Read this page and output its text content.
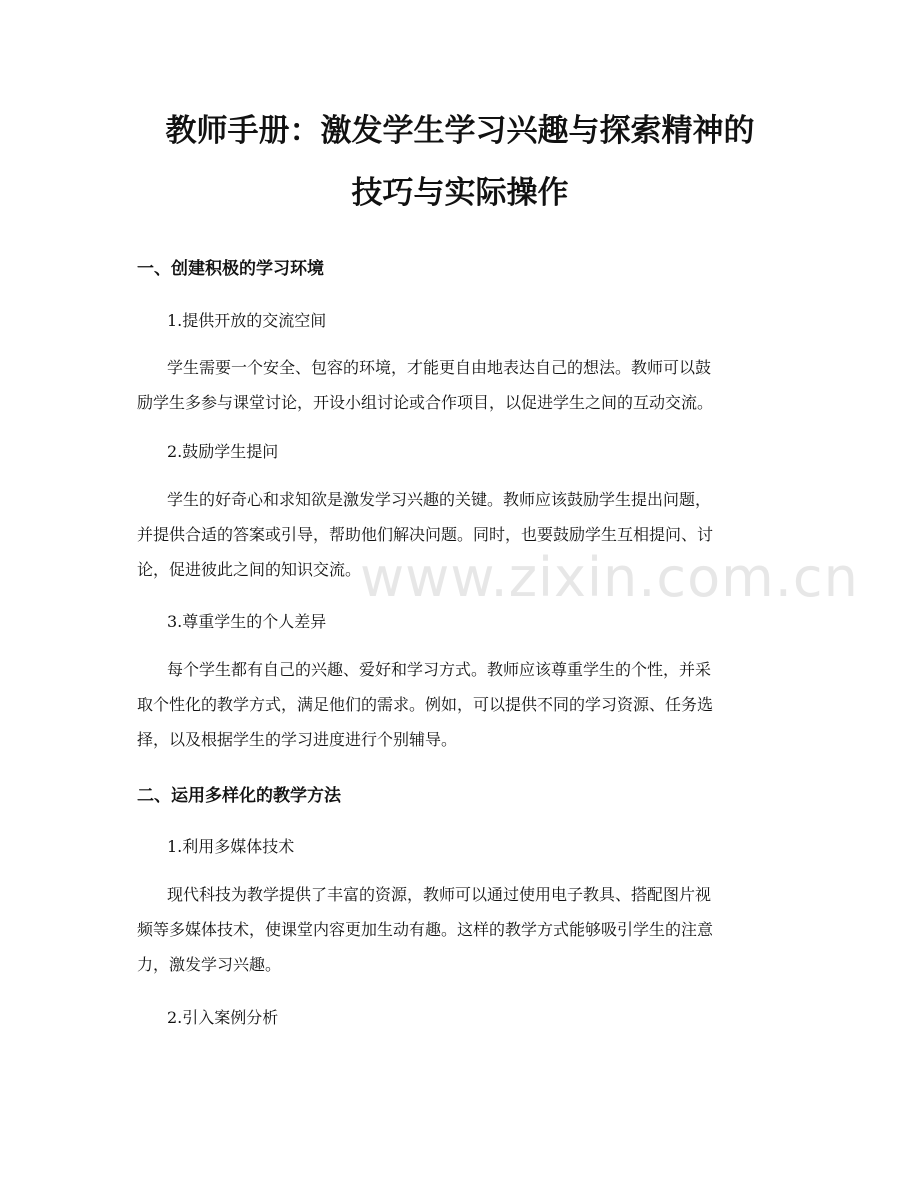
教师手册：激发学生学习兴趣与探索精神的
技巧与实际操作
一、创建积极的学习环境
1.提供开放的交流空间
学生需要一个安全、包容的环境，才能更自由地表达自己的想法。教师可以鼓
励学生多参与课堂讨论，开设小组讨论或合作项目，以促进学生之间的互动交流。
2.鼓励学生提问
学生的好奇心和求知欲是激发学习兴趣的关键。教师应该鼓励学生提出问题，
并提供合适的答案或引导，帮助他们解决问题。同时，也要鼓励学生互相提问、讨
论，促进彼此之间的知识交流。
3.尊重学生的个人差异
每个学生都有自己的兴趣、爱好和学习方式。教师应该尊重学生的个性，并采
取个性化的教学方式，满足他们的需求。例如，可以提供不同的学习资源、任务选
择，以及根据学生的学习进度进行个别辅导。
二、运用多样化的教学方法
1.利用多媒体技术
现代科技为教学提供了丰富的资源，教师可以通过使用电子教具、搭配图片视
频等多媒体技术，使课堂内容更加生动有趣。这样的教学方式能够吸引学生的注意
力，激发学习兴趣。
2.引入案例分析
www.zixin.com.cn
